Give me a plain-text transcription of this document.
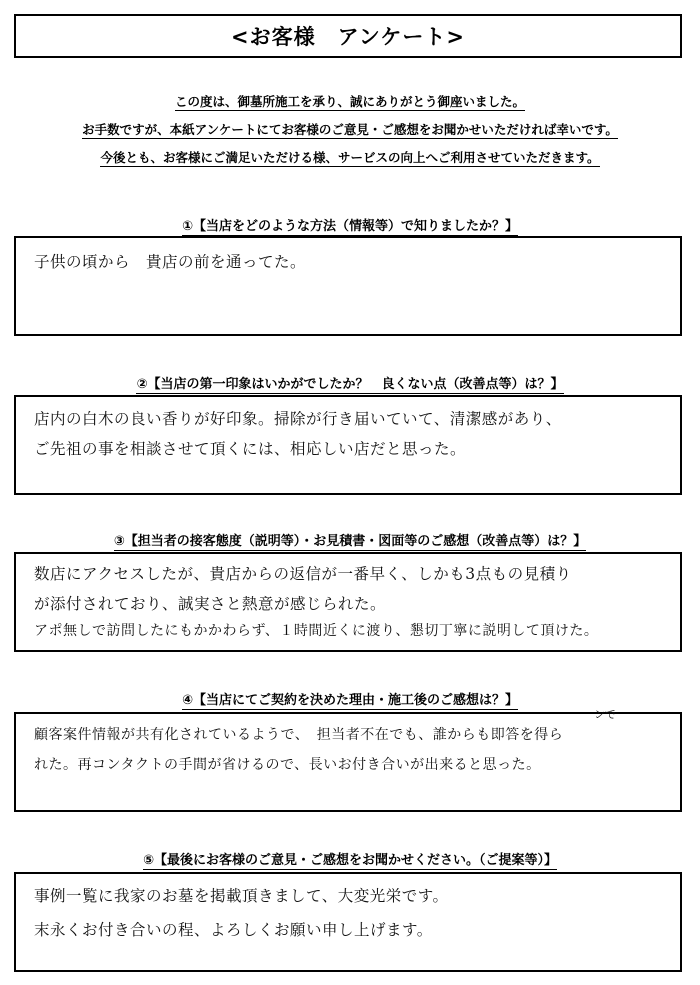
<お客様　アンケート>
この度は、御墓所施工を承り、誠にありがとう御座いました。
お手数ですが、本紙アンケートにてお客様のご意見・ご感想をお聞かせいただければ幸いです。
今後とも、お客様にご満足いただける様、サービスの向上へご利用させていただきます。
①【当店をどのような方法（情報等）で知りましたか？】
子供の頃から　貴店の前を通ってた。
②【当店の第一印象はいかがでしたか？　良くない点（改善点等）は？】
店内の白木の良い香りが好印象。掃除が行き届いていて、清潔感があり、
ご先祖の事を相談させて頂くには、相応しい店だと思った。
③【担当者の接客態度（説明等）・お見積書・図面等のご感想（改善点等）は？】
数店にアクセスしたが、貴店からの返信が一番早く、しかも3点もの見積り
が添付されており、誠実さと熱意が感じられた。
アポ無しで訪問したにもかかわらず、１時間近くに渡り、懇切丁寧に説明して頂けた。
④【当店にてご契約を決めた理由・施工後のご感想は？】
ンで
顧客案件情報が共有化されているようで、　担当者不在でも、誰からも即答を得ら
れた。再コンタクトの手間が省けるので、長いお付き合いが出来ると思った。
⑤【最後にお客様のご意見・ご感想をお聞かせください。（ご提案等）】
事例一覧に我家のお墓を掲載頂きまして、大変光栄です。
末永くお付き合いの程、よろしくお願い申し上げます。
